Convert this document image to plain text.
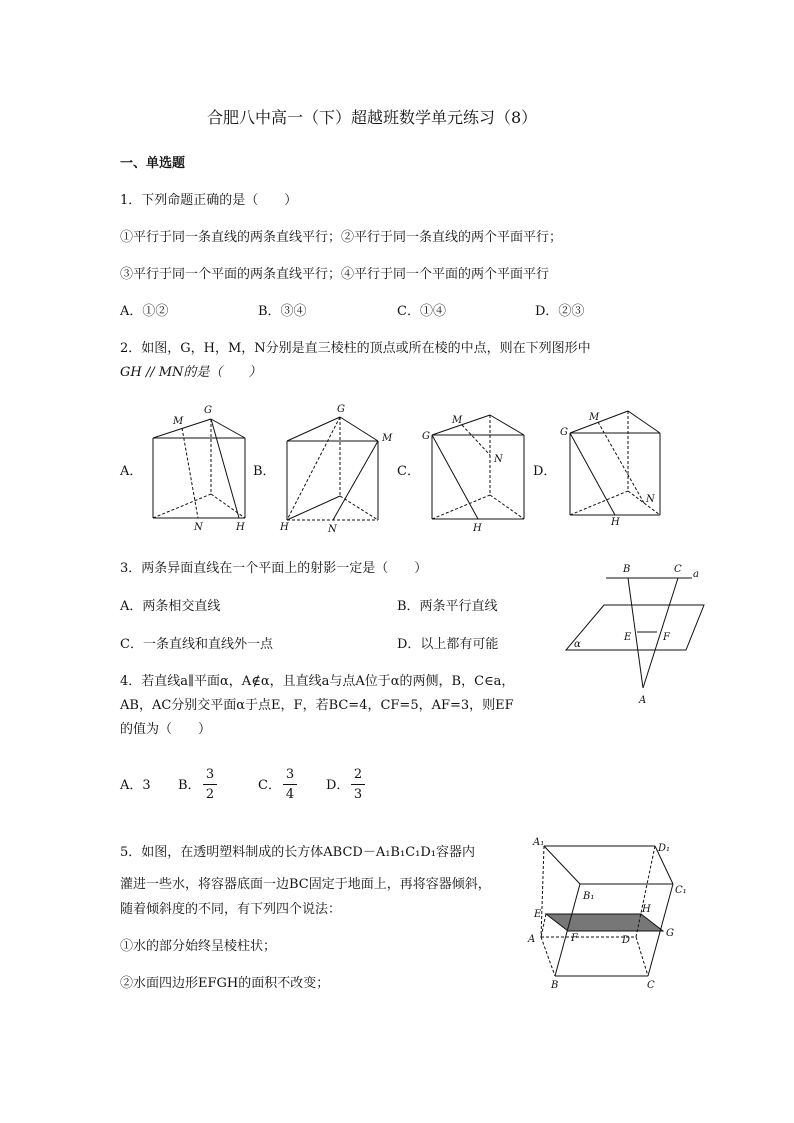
合肥八中高一（下）超越班数学单元练习（8）
一、单选题
1．下列命题正确的是（　　）
①平行于同一条直线的两条直线平行；②平行于同一条直线的两个平面平行；
③平行于同一个平面的两条直线平行；④平行于同一个平面的两个平面平行
A．①②	B．③④	C．①④	D．②③
2．如图，G，H，M，N分别是直三棱柱的顶点或所在棱的中点，则在下列图形中
GH // MN的是（　　）
A．	B．	C．	D．
M
G
N	H
G
M
H	N
G
M
N
H
G
M
N
H
3．两条异面直线在一个平面上的射影一定是（　　）
A．两条相交直线	B．两条平行直线
C．一条直线和直线外一点	D．以上都有可能
B	C a
E	F
α
A
4．若直线a∥平面α，A∉α，且直线a与点A位于α的两侧，B，C∈a，
AB，AC分别交平面α于点E，F，若BC=4，CF=5，AF=3，则EF
的值为（　　）
A．3 B．
3
2
C．
3
4
D．
2
3
5．如图，在透明塑料制成的长方体ABCD－A₁B₁C₁D₁容器内
灌进一些水，将容器底面一边BC固定于地面上，再将容器倾斜，
随着倾斜度的不同，有下列四个说法：
①水的部分始终呈棱柱状；
②水面四边形EFGH的面积不改变；
A₁
D₁
B₁
C₁
E	H
A	F	D
G
B	C
